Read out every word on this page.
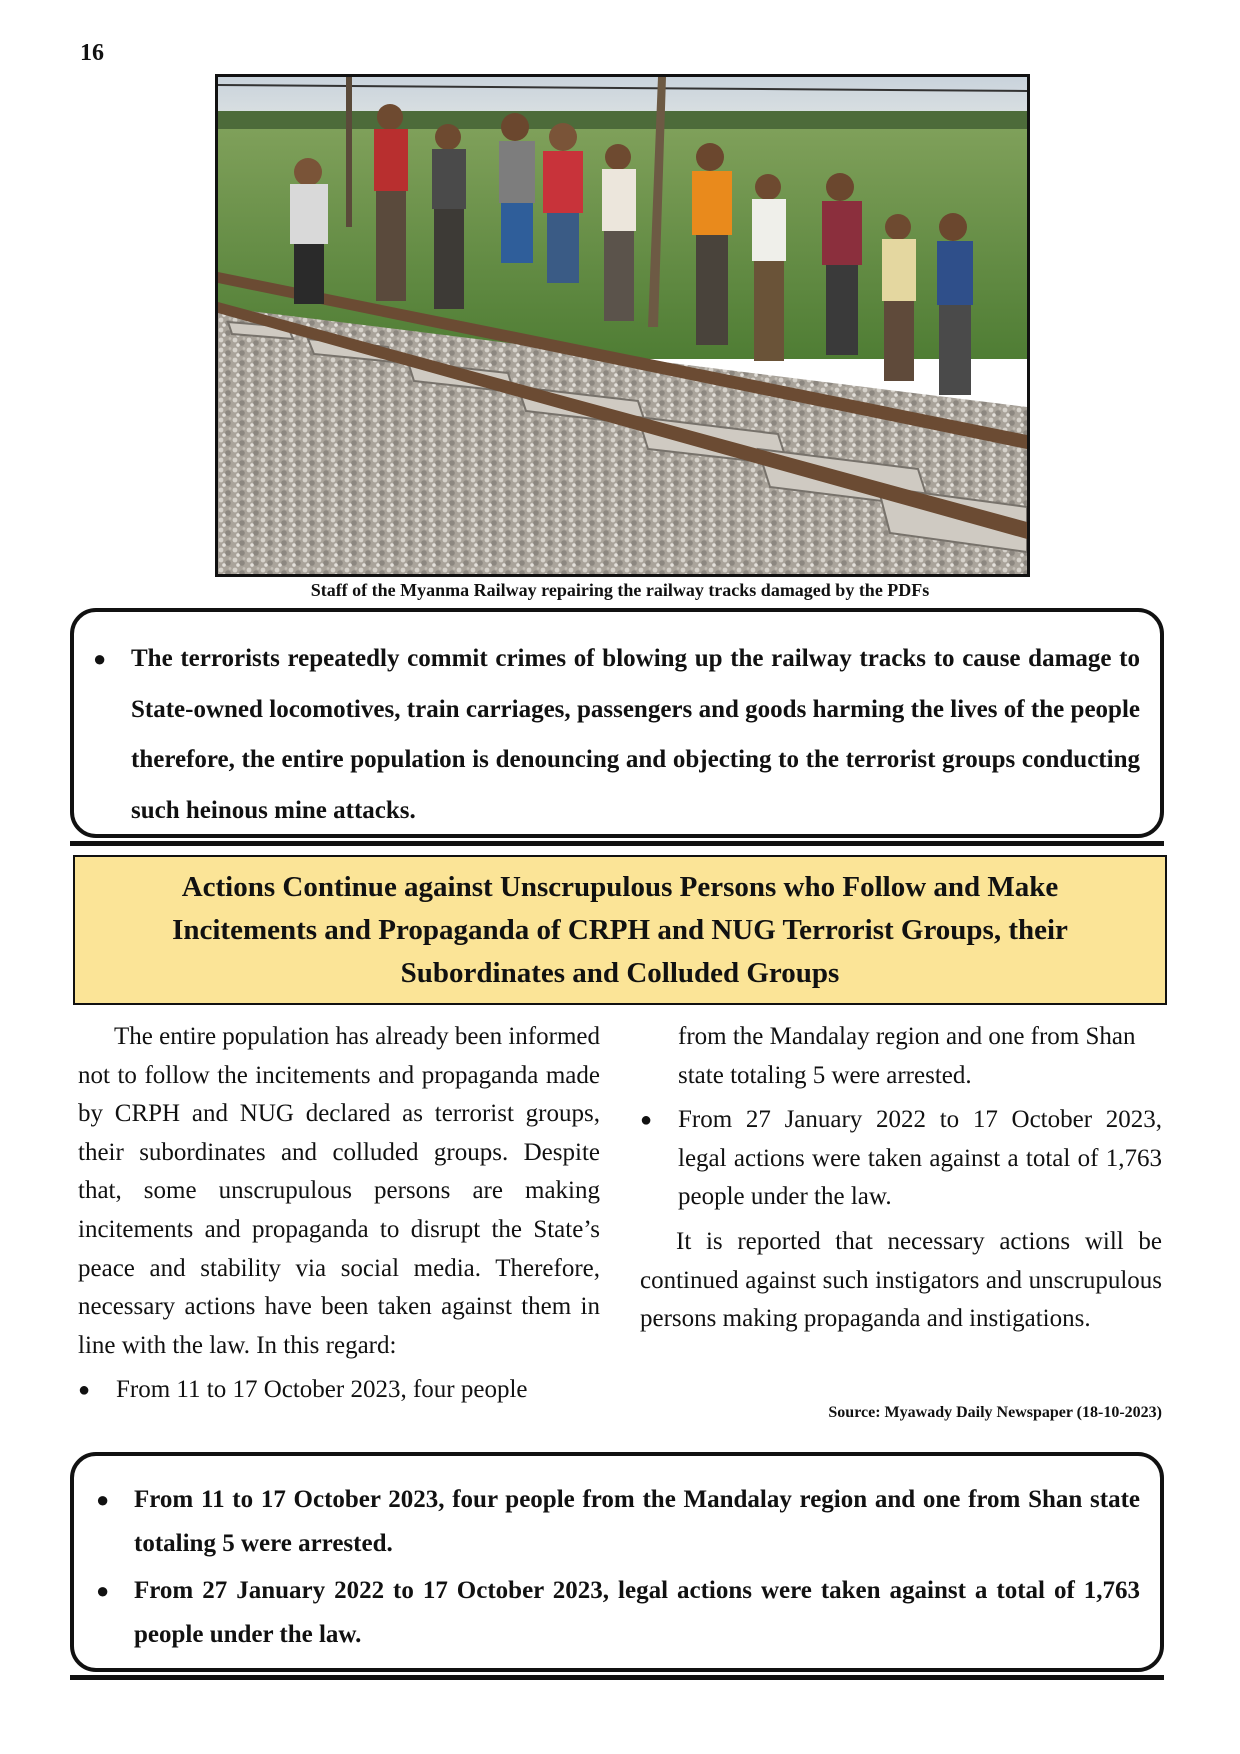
16
Staff of the Myanma Railway repairing the railway tracks damaged by the PDFs
● The terrorists repeatedly commit crimes of blowing up the railway tracks to cause damage to State-owned locomotives, train carriages, passengers and goods harming the lives of the people therefore, the entire population is denouncing and objecting to the terrorist groups conducting such heinous mine attacks.
Actions Continue against Unscrupulous Persons who Follow and Make
Incitements and Propaganda of CRPH and NUG Terrorist Groups, their
Subordinates and Colluded Groups

The entire population has already been informed not to follow the incitements and propaganda made by CRPH and NUG declared as terrorist groups, their subordinates and colluded groups. Despite that, some unscrupulous persons are making incitements and propaganda to disrupt the State’s peace and stability via social media. Therefore, necessary actions have been taken against them in line with the law. In this regard:

● From 11 to 17 October 2023, four people

from the Mandalay region and one from Shan state totaling 5 were arrested.

● From 27 January 2022 to 17 October 2023, legal actions were taken against a total of 1,763 people under the law.

It is reported that necessary actions will be continued against such instigators and unscrupulous persons making propaganda and instigations.

Source: Myawady Daily Newspaper (18-10-2023)
● From 11 to 17 October 2023, four people from the Mandalay region and one from Shan state totaling 5 were arrested.
● From 27 January 2022 to 17 October 2023, legal actions were taken against a total of 1,763 people under the law.
